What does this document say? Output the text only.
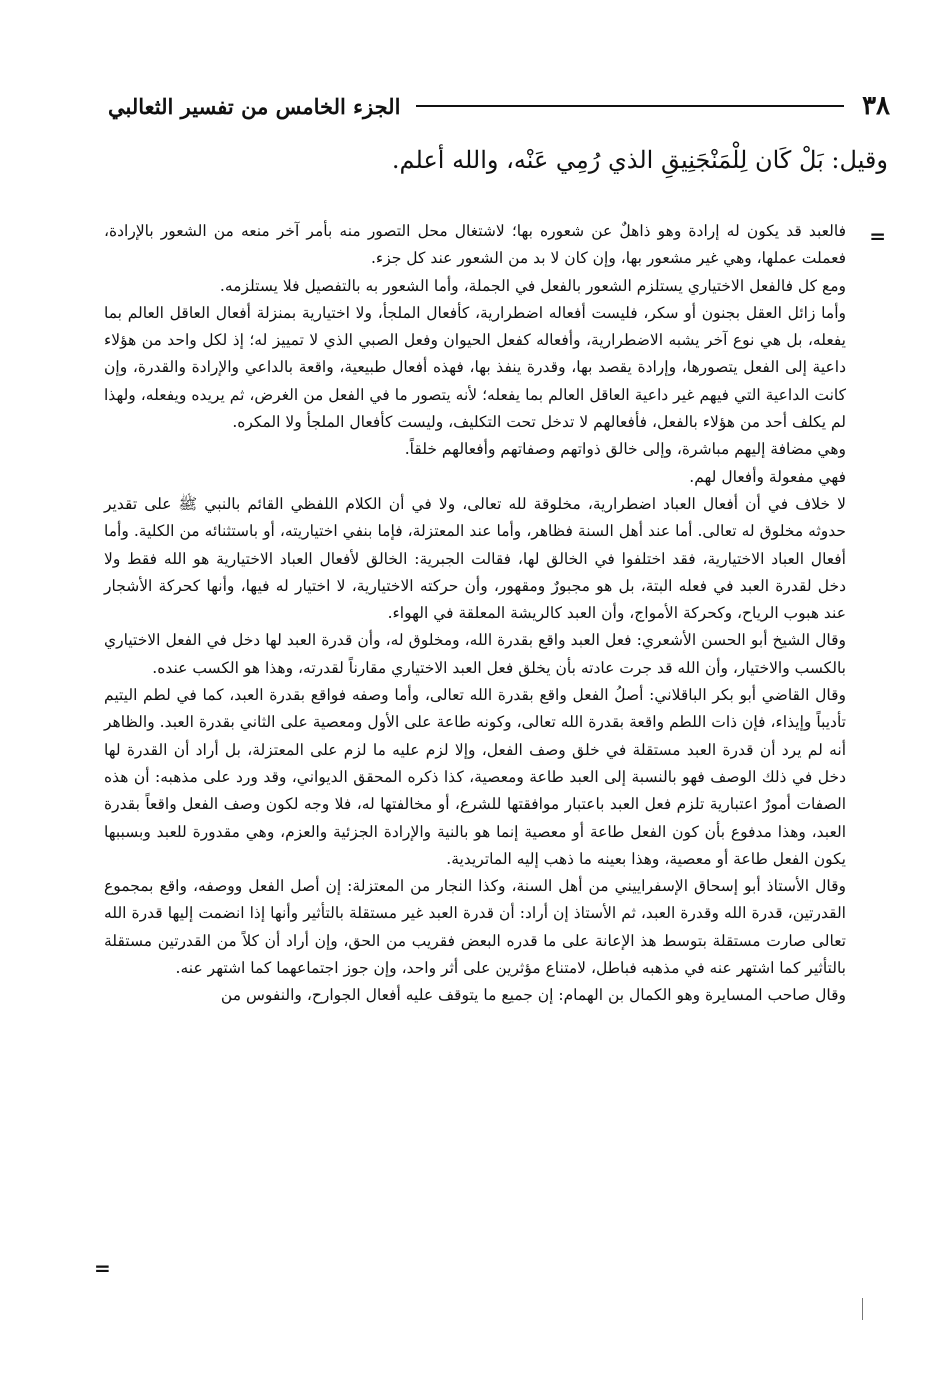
٣٨
الجزء الخامس من تفسير الثعالبي
وقيل: بَلْ كَان لِلْمَنْجَنِيقِ الذي رُمِي عَنْه، والله أعلم.
=

فالعبد قد يكون له إرادة وهو ذاهلٌ عن شعوره بها؛ لاشتغال محل التصور منه بأمر آخر منعه من الشعور بالإرادة، فعملت عملها، وهي غير مشعور بها، وإن كان لا بد من الشعور عند كل جزء.

ومع كل فالفعل الاختياري يستلزم الشعور بالفعل في الجملة، وأما الشعور به بالتفصيل فلا يستلزمه.

وأما زائل العقل بجنون أو سكر، فليست أفعاله اضطرارية، كأفعال الملجأ، ولا اختيارية بمنزلة أفعال العاقل العالم بما يفعله، بل هي نوع آخر يشبه الاضطرارية، وأفعاله كفعل الحيوان وفعل الصبي الذي لا تمييز له؛ إذ لكل واحد من هؤلاء داعية إلى الفعل يتصورها، وإرادة يقصد بها، وقدرة ينفذ بها، فهذه أفعال طبيعية، واقعة بالداعي والإرادة والقدرة، وإن كانت الداعية التي فيهم غير داعية العاقل العالم بما يفعله؛ لأنه يتصور ما في الفعل من الغرض، ثم يريده ويفعله، ولهذا لم يكلف أحد من هؤلاء بالفعل، فأفعالهم لا تدخل تحت التكليف، وليست كأفعال الملجأ ولا المكره.

وهي مضافة إليهم مباشرة، وإلى خالق ذواتهم وصفاتهم وأفعالهم خلقاً.

فهي مفعولة وأفعال لهم.

لا خلاف في أن أفعال العباد اضطرارية، مخلوقة لله تعالى، ولا في أن الكلام اللفظي القائم بالنبي ﷺ على تقدير حدوثه مخلوق له تعالى. أما عند أهل السنة فظاهر، وأما عند المعتزلة، فإما بنفي اختياريته، أو باستثنائه من الكلية. وأما أفعال العباد الاختيارية، فقد اختلفوا في الخالق لها، فقالت الجبرية: الخالق لأفعال العباد الاختيارية هو الله فقط ولا دخل لقدرة العبد في فعله البتة، بل هو مجبورٌ ومقهور، وأن حركته الاختيارية، لا اختيار له فيها، وأنها كحركة الأشجار عند هبوب الرياح، وكحركة الأمواج، وأن العبد كالريشة المعلقة في الهواء.

وقال الشيخ أبو الحسن الأشعري: فعل العبد واقع بقدرة الله، ومخلوق له، وأن قدرة العبد لها دخل في الفعل الاختياري بالكسب والاختيار، وأن الله قد جرت عادته بأن يخلق فعل العبد الاختياري مقارناً لقدرته، وهذا هو الكسب عنده.

وقال القاضي أبو بكر الباقلاني: أصلُ الفعل واقع بقدرة الله تعالى، وأما وصفه فواقع بقدرة العبد، كما في لطم اليتيم تأديباً وإيذاء، فإن ذات اللطم واقعة بقدرة الله تعالى، وكونه طاعة على الأول ومعصية على الثاني بقدرة العبد. والظاهر أنه لم يرد أن قدرة العبد مستقلة في خلق وصف الفعل، وإلا لزم عليه ما لزم على المعتزلة، بل أراد أن القدرة لها دخل في ذلك الوصف فهو بالنسبة إلى العبد طاعة ومعصية، كذا ذكره المحقق الديواني، وقد ورد على مذهبه: أن هذه الصفات أمورٌ اعتبارية تلزم فعل العبد باعتبار موافقتها للشرع، أو مخالفتها له، فلا وجه لكون وصف الفعل واقعاً بقدرة العبد، وهذا مدفوع بأن كون الفعل طاعة أو معصية إنما هو بالنية والإرادة الجزئية والعزم، وهي مقدورة للعبد وبسببها يكون الفعل طاعة أو معصية، وهذا بعينه ما ذهب إليه الماتريدية.

وقال الأستاذ أبو إسحاق الإسفراييني من أهل السنة، وكذا النجار من المعتزلة: إن أصل الفعل ووصفه، واقع بمجموع القدرتين، قدرة الله وقدرة العبد، ثم الأستاذ إن أراد: أن قدرة العبد غير مستقلة بالتأثير وأنها إذا انضمت إليها قدرة الله تعالى صارت مستقلة بتوسط هذ الإعانة على ما قدره البعض فقريب من الحق، وإن أراد أن كلاً من القدرتين مستقلة بالتأثير كما اشتهر عنه في مذهبه فباطل، لامتناع مؤثرين على أثر واحد، وإن جوز اجتماعهما كما اشتهر عنه.

وقال صاحب المسايرة وهو الكمال بن الهمام: إن جميع ما يتوقف عليه أفعال الجوارح، والنفوس من

=
